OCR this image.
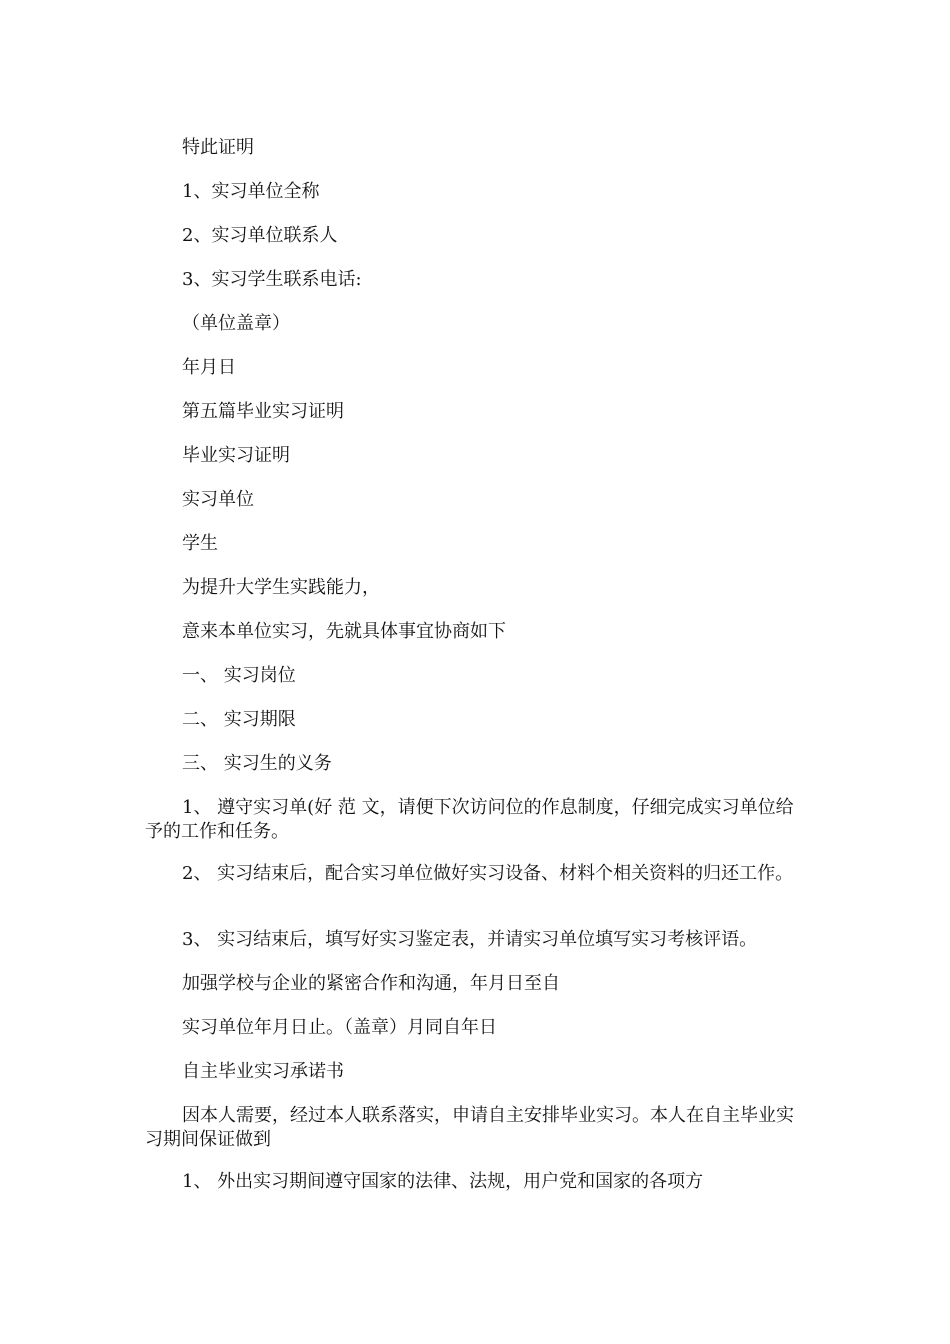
特此证明
1、实习单位全称
2、实习单位联系人
3、实习学生联系电话:
（单位盖章）
年月日
第五篇毕业实习证明
毕业实习证明
实习单位
学生
为提升大学生实践能力，
意来本单位实习，先就具体事宜协商如下
一、 实习岗位
二、 实习期限
三、 实习生的义务
1、 遵守实习单(好 范 文，请便下次访问位的作息制度，仔细完成实习单位给予的工作和任务。
2、 实习结束后，配合实习单位做好实习设备、材料个相关资料的归还工作。
3、 实习结束后，填写好实习鉴定表，并请实习单位填写实习考核评语。
加强学校与企业的紧密合作和沟通，年月日至自
实习单位年月日止。（盖章）月同自年日
自主毕业实习承诺书
因本人需要，经过本人联系落实，申请自主安排毕业实习。本人在自主毕业实习期间保证做到
1、 外出实习期间遵守国家的法律、法规，用户党和国家的各项方
